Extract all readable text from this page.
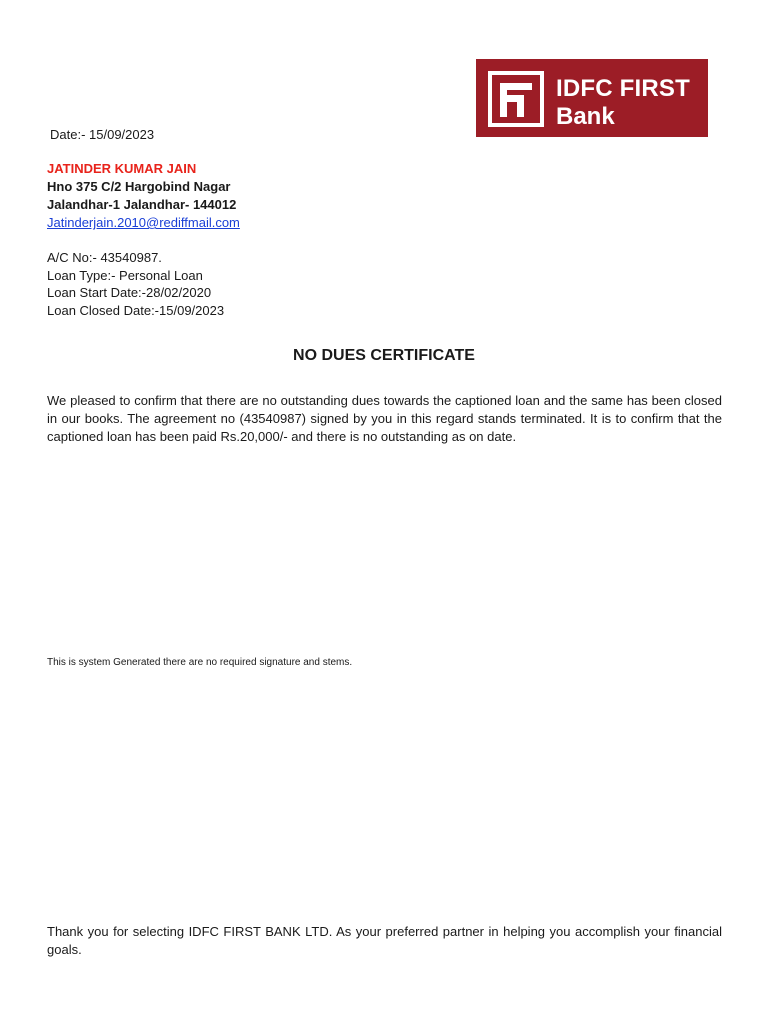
IDFC FIRST
Bank
Date:- 15/09/2023
JATINDER KUMAR JAIN
Hno 375 C/2 Hargobind Nagar
Jalandhar-1 Jalandhar- 144012
Jatinderjain.2010@rediffmail.com
A/C No:- 43540987.
Loan Type:- Personal Loan
Loan Start Date:-28/02/2020
Loan Closed Date:-15/09/2023
NO DUES CERTIFICATE
We pleased to confirm that there are no outstanding dues towards the captioned loan and the same has been closed in our books. The agreement no (43540987) signed by you in this regard stands terminated. It is to confirm that the captioned loan has been paid Rs.20,000/- and there is no outstanding as on date.
This is system Generated there are no required signature and stems.
Thank you for selecting IDFC FIRST BANK LTD. As your preferred partner in helping you accomplish your financial goals.
